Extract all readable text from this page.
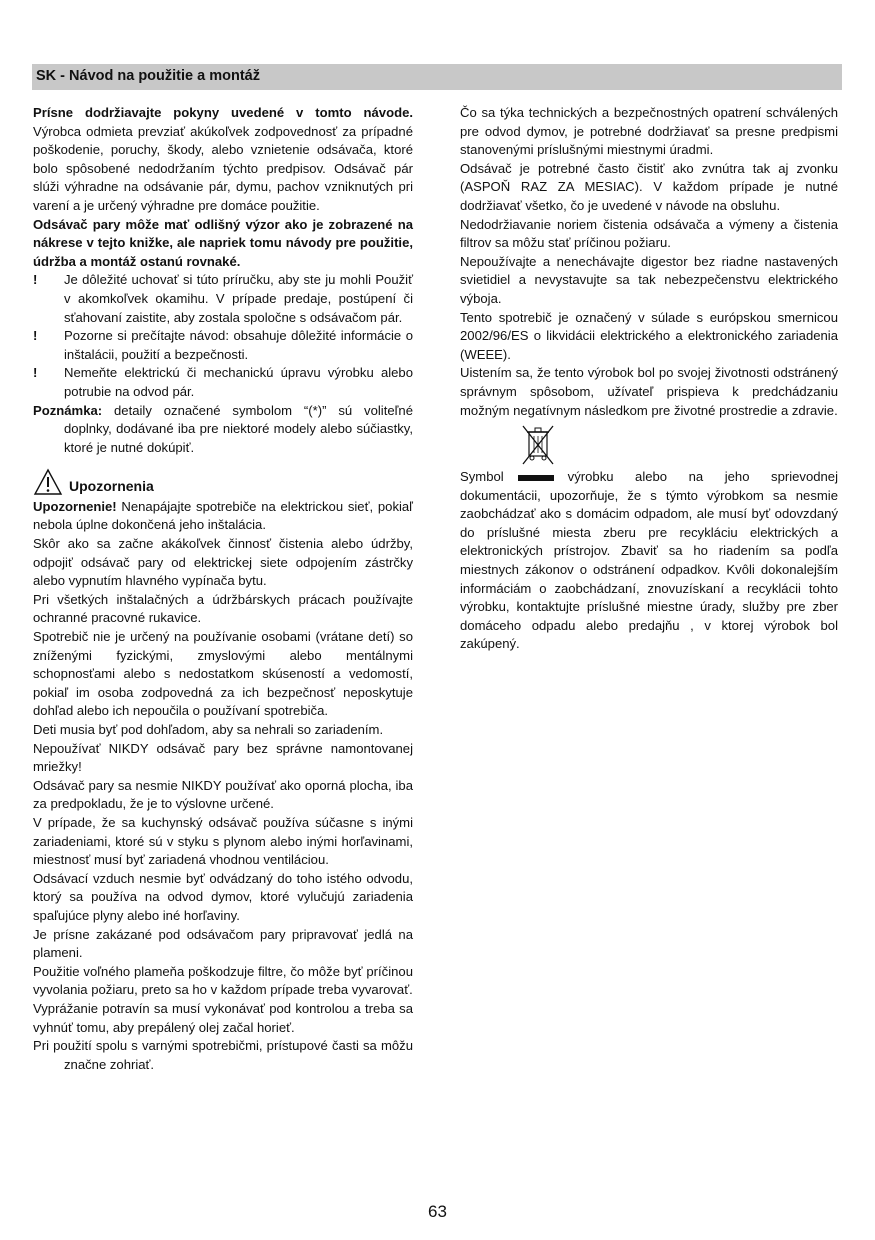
SK - Návod na použitie a montáž

Prísne dodržiavajte pokyny uvedené v tomto návode. Výrobca odmieta prevziať akúkoľvek zodpovednosť za prípadné poškodenie, poruchy, škody, alebo vznietenie odsávača, ktoré bolo spôsobené nedodržaním týchto predpisov. Odsávač pár slúži výhradne na odsávanie pár, dymu, pachov vzniknutých pri varení a je určený výhradne pre domáce použitie.

Odsávač pary môže mať odlišný výzor ako je zobrazené na nákrese v tejto knižke, ale napriek tomu návody pre použitie, údržba a montáž ostanú rovnaké.

!	Je dôležité uchovať si túto príručku, aby ste ju mohli Použiť v akomkoľvek okamihu. V prípade predaje, postúpení či sťahovaní zaistite, aby zostala spoločne s odsávačom pár.
!	Pozorne si prečítajte návod: obsahuje dôležité informácie o inštalácii, použití a bezpečnosti.
!	Nemeňte elektrickú či mechanickú úpravu výrobku alebo potrubie na odvod pár.

Poznámka: detaily označené symbolom “(*)” sú voliteľné doplnky, dodávané iba pre niektoré modely alebo súčiastky, ktoré je nutné dokúpiť.

Upozornenia

Upozornenie! Nenapájajte spotrebiče na elektrickou sieť, pokiaľ nebola úplne dokončená jeho inštalácia.

Skôr ako sa začne akákoľvek činnosť čistenia alebo údržby, odpojiť odsávač pary od elektrickej siete odpojením zástrčky alebo vypnutím hlavného vypínača bytu.

Pri všetkých inštalačných a údržbárskych prácach používajte ochranné pracovné rukavice.

Spotrebič nie je určený na používanie osobami (vrátane detí) so zníženými fyzickými, zmyslovými alebo mentálnymi schopnosťami alebo s nedostatkom skúseností a vedomostí, pokiaľ im osoba zodpovedná za ich bezpečnosť neposkytuje dohľad alebo ich nepoučila o používaní spotrebiča.

Deti musia byť pod dohľadom, aby sa nehrali so zariadením.

Nepoužívať NIKDY odsávač pary bez správne namontovanej mriežky!

Odsávač pary sa nesmie NIKDY používať ako oporná plocha, iba za predpokladu, že je to výslovne určené.

V prípade, že sa kuchynský odsávač používa súčasne s inými zariadeniami, ktoré sú v styku s plynom alebo inými horľavinami, miestnosť musí byť zariadená vhodnou ventiláciou.

Odsávací vzduch nesmie byť odvádzaný do toho istého odvodu, ktorý sa používa na odvod dymov, ktoré vylučujú zariadenia spaľujúce plyny alebo iné horľaviny.

Je prísne zakázané pod odsávačom pary pripravovať jedlá na plameni.

Použitie voľného plameňa poškodzuje filtre, čo môže byť príčinou vyvolania požiaru, preto sa ho v každom prípade treba vyvarovať.

Vyprážanie potravín sa musí vykonávať pod kontrolou a treba sa vyhnúť tomu, aby prepálený olej začal horieť.

Pri použití spolu s varnými spotrebičmi, prístupové časti sa môžu značne zohriať.

Čo sa týka technických a bezpečnostných opatrení schválených pre odvod dymov, je potrebné dodržiavať sa presne predpismi stanovenými príslušnými miestnymi úradmi.

Odsávač je potrebné často čistiť ako zvnútra tak aj zvonku (ASPOŇ RAZ ZA MESIAC). V každom prípade je nutné dodržiavať všetko, čo je uvedené v návode na obsluhu.

Nedodržiavanie noriem čistenia odsávača a výmeny a čistenia filtrov sa môžu stať príčinou požiaru.

Nepoužívajte a nenechávajte digestor bez riadne nastavených svietidiel a nevystavujte sa tak nebezpečenstvu elektrického výboja.

Tento spotrebič je označený v súlade s európskou smernicou 2002/96/ES o likvidácii elektrického a elektronického zariadenia (WEEE).

Uistením sa, že tento výrobok bol po svojej životnosti odstránený správnym spôsobom, užívateľ prispieva k predchádzaniu možným negatívnym následkom pre životné prostredie a zdravie.

Symbol	výrobku alebo na jeho sprievodnej dokumentácii, upozorňuje, že s týmto výrobkom sa nesmie zaobchádzať ako s domácim odpadom, ale musí byť odovzdaný do príslušné miesta zberu pre recykláciu elektrických a elektronických prístrojov. Zbaviť sa ho riadením sa podľa miestnych zákonov o odstránení odpadkov. Kvôli dokonalejším informáciám o zaobchádzaní, znovuzískaní a recyklácii tohto výrobku, kontaktujte príslušné miestne úrady, služby pre zber domáceho odpadu alebo predajňu , v ktorej výrobok bol zakúpený.

63
